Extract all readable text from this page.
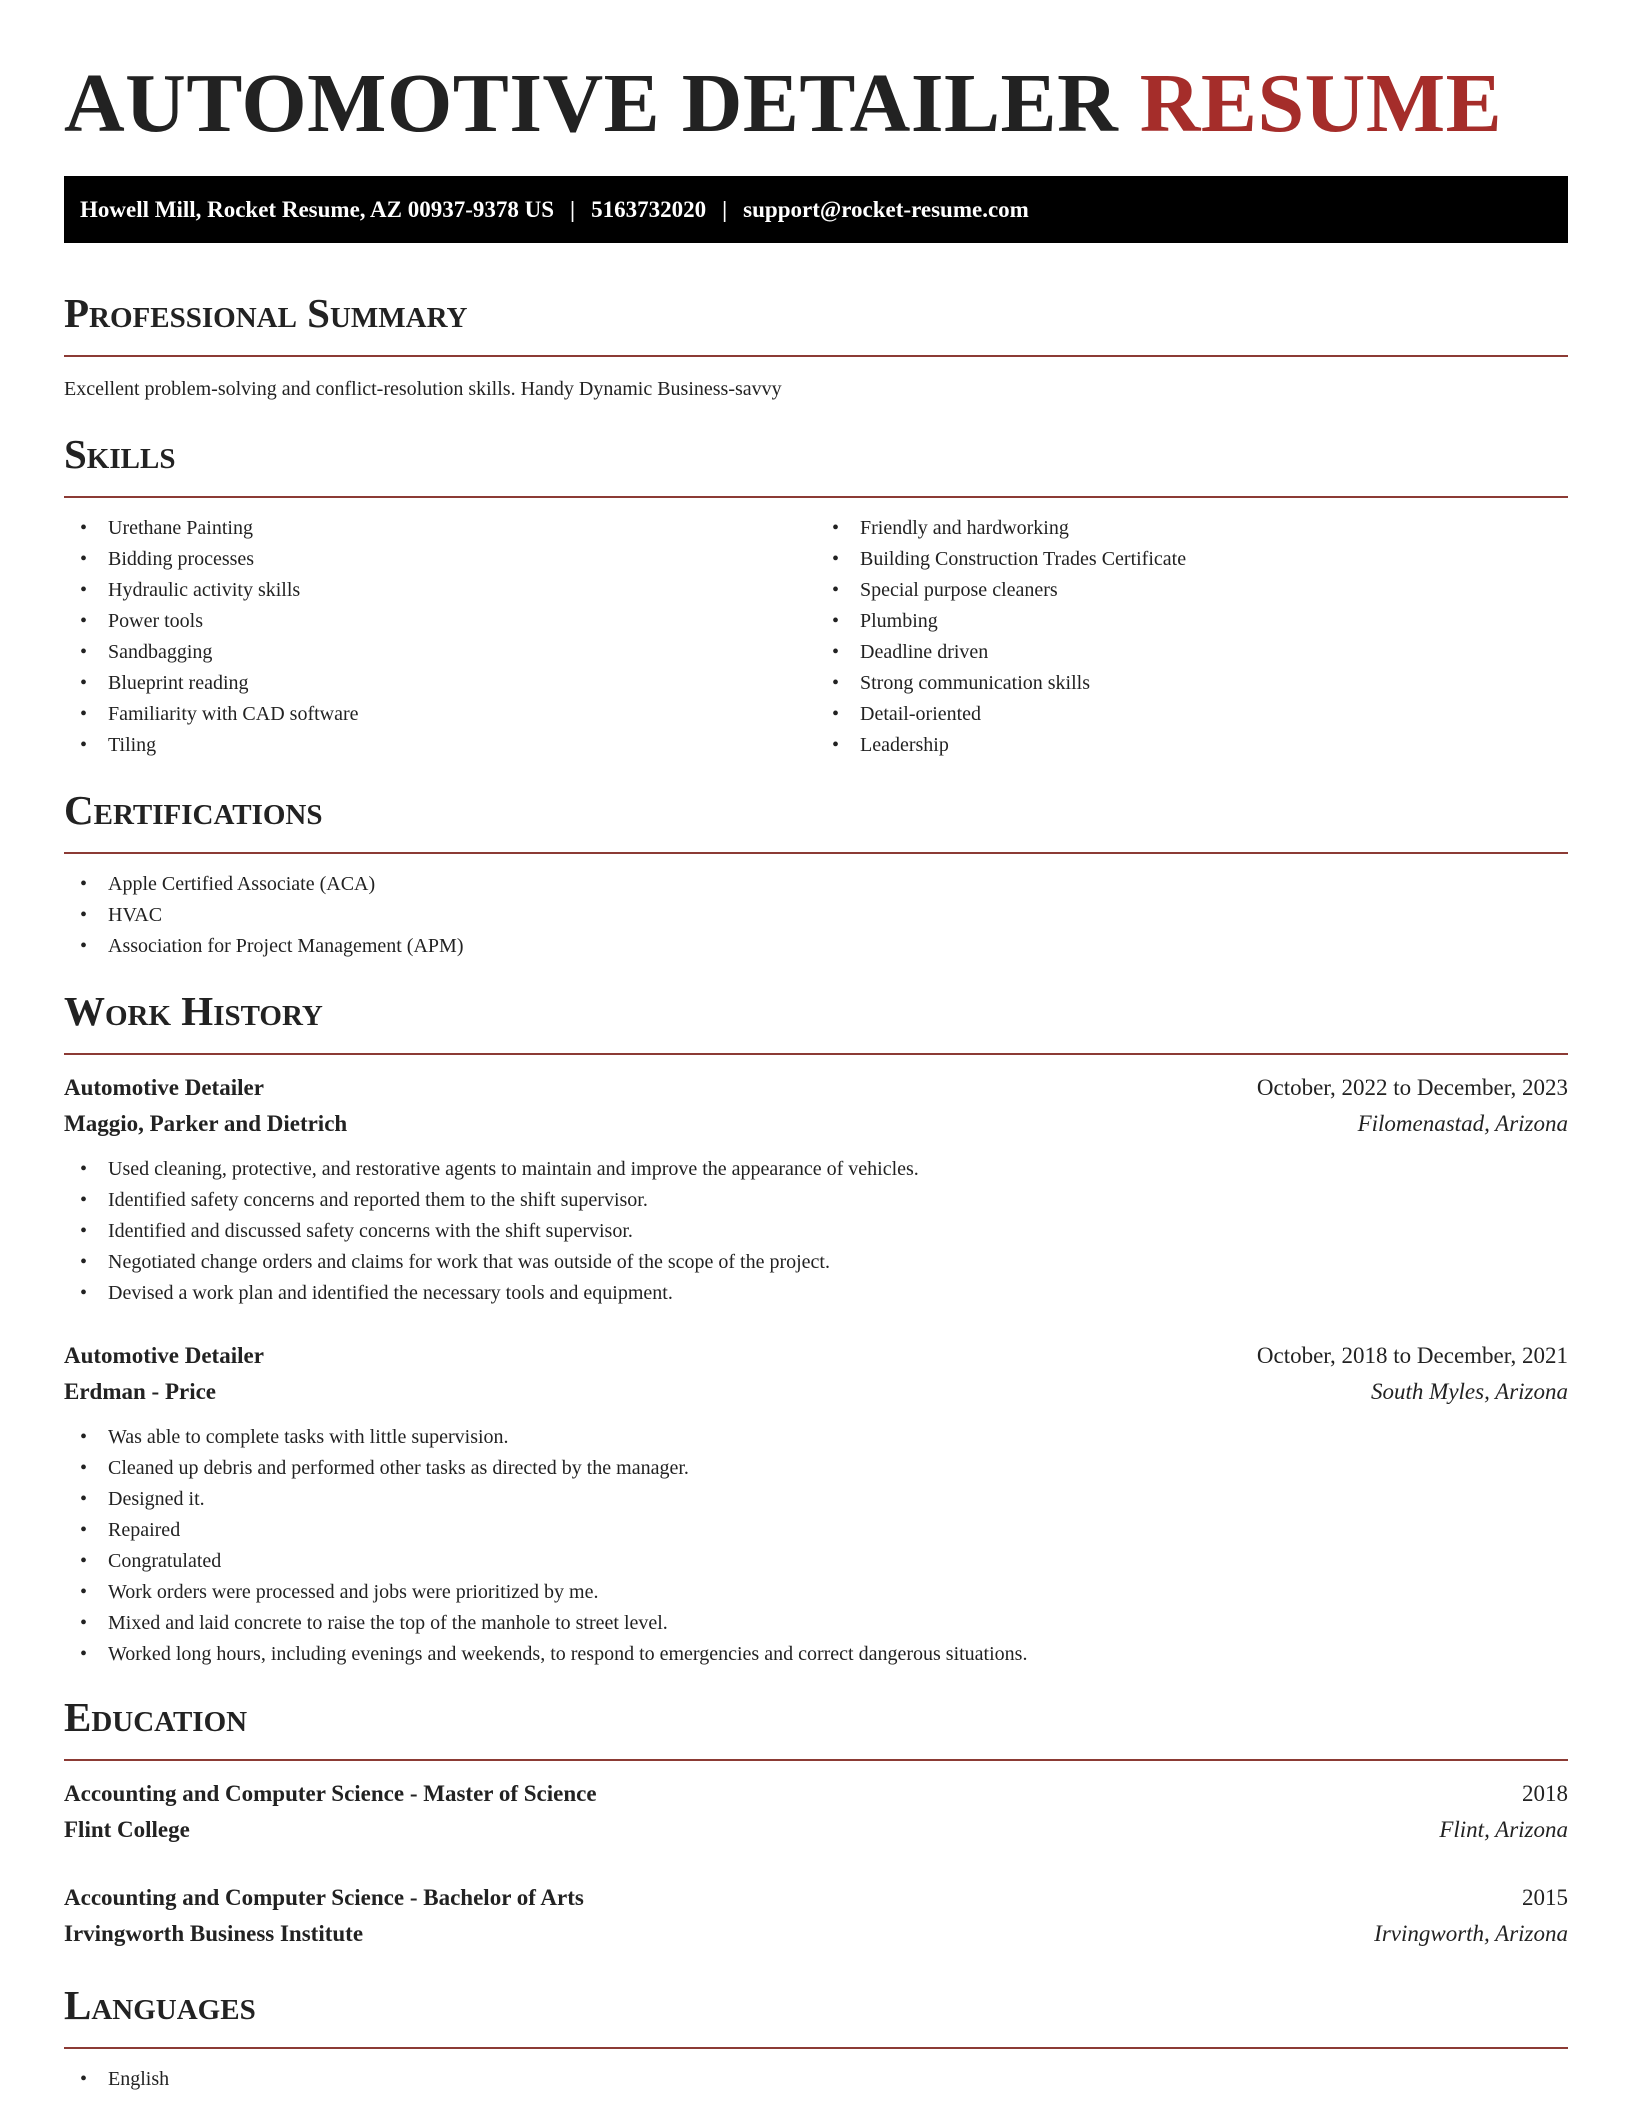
AUTOMOTIVE DETAILER RESUME
Howell Mill, Rocket Resume, AZ 00937-9378 US | 5163732020 | support@rocket-resume.com
Professional Summary

Excellent problem-solving and conflict-resolution skills. Handy Dynamic Business-savvy

Skills
• Urethane Painting
• Bidding processes
• Hydraulic activity skills
• Power tools
• Sandbagging
• Blueprint reading
• Familiarity with CAD software
• Tiling
• Friendly and hardworking
• Building Construction Trades Certificate
• Special purpose cleaners
• Plumbing
• Deadline driven
• Strong communication skills
• Detail-oriented
• Leadership
Certifications
• Apple Certified Associate (ACA)
• HVAC
• Association for Project Management (APM)
Work History
Automotive Detailer	October, 2022 to December, 2023
Maggio, Parker and Dietrich	Filomenastad, Arizona
• Used cleaning, protective, and restorative agents to maintain and improve the appearance of vehicles.
• Identified safety concerns and reported them to the shift supervisor.
• Identified and discussed safety concerns with the shift supervisor.
• Negotiated change orders and claims for work that was outside of the scope of the project.
• Devised a work plan and identified the necessary tools and equipment.
Automotive Detailer	October, 2018 to December, 2021
Erdman - Price	South Myles, Arizona
• Was able to complete tasks with little supervision.
• Cleaned up debris and performed other tasks as directed by the manager.
• Designed it.
• Repaired
• Congratulated
• Work orders were processed and jobs were prioritized by me.
• Mixed and laid concrete to raise the top of the manhole to street level.
• Worked long hours, including evenings and weekends, to respond to emergencies and correct dangerous situations.
Education
Accounting and Computer Science - Master of Science	2018
Flint College	Flint, Arizona
Accounting and Computer Science - Bachelor of Arts	2015
Irvingworth Business Institute	Irvingworth, Arizona
Languages
• English
